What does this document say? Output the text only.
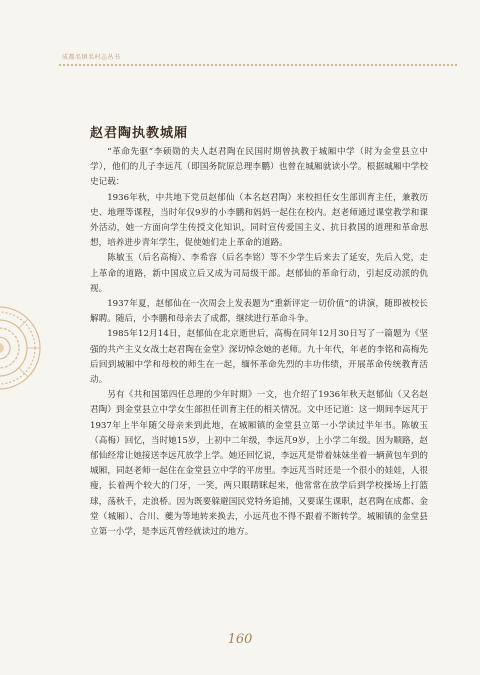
成都名镇名村志丛书
赵君陶执教城厢

“革命先驱”李硕勋的夫人赵君陶在民国时期曾执教于城厢中学（时为金堂县立中学），他们的儿子李远芃（即国务院原总理李鹏）也曾在城厢就读小学。根据城厢中学校史记载：

1936年秋，中共地下党员赵郁仙（本名赵君陶）来校担任女生部训育主任，兼教历史、地理等课程，当时年仅9岁的小李鹏和妈妈一起住在校内。赵老师通过课堂教学和课外活动，她一方面向学生传授文化知识，同时宣传爱国主义、抗日救国的道理和革命思想，培养进步青年学生，促使她们走上革命的道路。

陈敏玉（后名高梅）、李希容（后名李铭）等不少学生后来去了延安，先后入党，走上革命的道路，新中国成立后又成为司局级干部。赵郁仙的革命行动，引起反动派的仇视。

1937年夏，赵郁仙在一次周会上发表题为“重新评定一切价值”的讲演，随即被校长解聘。随后，小李鹏和母亲去了成都，继续进行革命斗争。

1985年12月14日，赵郁仙在北京逝世后，高梅在同年12月30日写了一篇题为《坚强的共产主义女战士赵君陶在金堂》深切悼念她的老师。九十年代，年老的李铭和高梅先后回到城厢中学和母校的师生在一起，缅怀革命先烈的丰功伟绩，开展革命传统教育活动。

另有《共和国第四任总理的少年时期》一文，也介绍了1936年秋天赵郁仙（又名赵君陶）到金堂县立中学女生部担任训育主任的相关情况。文中还记道：这一期间李远芃于1937年上半年随父母亲来到此地，在城厢镇的金堂县立第一小学读过半年书。陈敏玉（高梅）回忆，当时她15岁，上初中二年级，李远芃9岁，上小学二年级。因为顺路，赵郁仙经常让她接送李远芃放学上学。她还回忆说，李远芃是带着妹妹坐着一辆黄包车到的城厢，同赵老师一起住在金堂县立中学的平房里。李远芃当时还是一个很小的娃娃，人很瘦，长着两个较大的门牙，一笑，两只眼睛眯起来，他常常在放学后到学校操场上打篮球，荡秋千，走浪桥。因为既要躲避国民党特务追捕，又要谋生课职，赵君陶在成都、金堂（城厢）、合川、夔为等地转来换去，小远芃也不得不跟着不断转学。城厢镇的金堂县立第一小学，是李远芃曾经就读过的地方。

160
